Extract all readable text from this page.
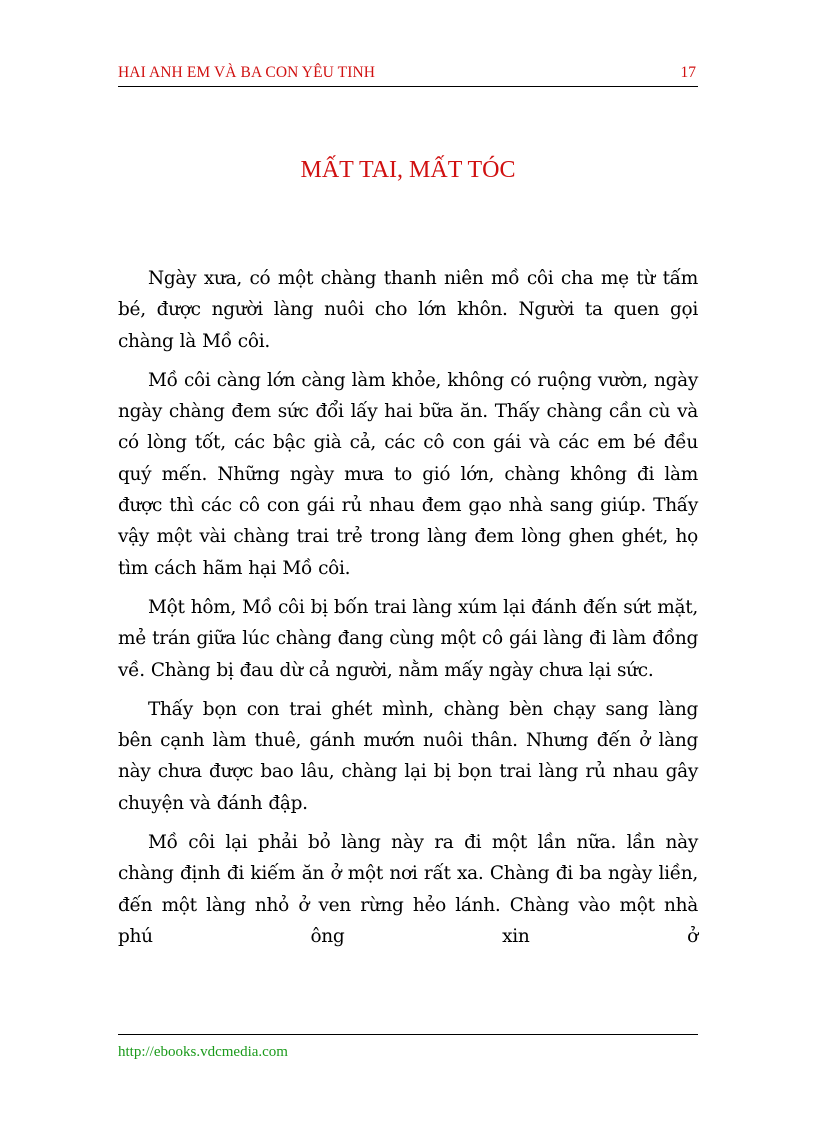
HAI ANH EM VÀ BA CON YÊU TINH	17
MẤT TAI, MẤT TÓC

Ngày xưa, có một chàng thanh niên mồ côi cha mẹ từ tấm bé, được người làng nuôi cho lớn khôn. Người ta quen gọi chàng là Mồ côi.

Mồ côi càng lớn càng làm khỏe, không có ruộng vườn, ngày ngày chàng đem sức đổi lấy hai bữa ăn. Thấy chàng cần cù và có lòng tốt, các bậc già cả, các cô con gái và các em bé đều quý mến. Những ngày mưa to gió lớn, chàng không đi làm được thì các cô con gái rủ nhau đem gạo nhà sang giúp. Thấy vậy một vài chàng trai trẻ trong làng đem lòng ghen ghét, họ tìm cách hãm hại Mồ côi.

Một hôm, Mồ côi bị bốn trai làng xúm lại đánh đến sứt mặt, mẻ trán giữa lúc chàng đang cùng một cô gái làng đi làm đồng về. Chàng bị đau dừ cả người, nằm mấy ngày chưa lại sức.

Thấy bọn con trai ghét mình, chàng bèn chạy sang làng bên cạnh làm thuê, gánh mướn nuôi thân. Nhưng đến ở làng này chưa được bao lâu, chàng lại bị bọn trai làng rủ nhau gây chuyện và đánh đập.

Mồ côi lại phải bỏ làng này ra đi một lần nữa. lần này chàng định đi kiếm ăn ở một nơi rất xa. Chàng đi ba ngày liền, đến một làng nhỏ ở ven rừng hẻo lánh. Chàng vào một nhà phú ông xin ở

http://ebooks.vdcmedia.com
